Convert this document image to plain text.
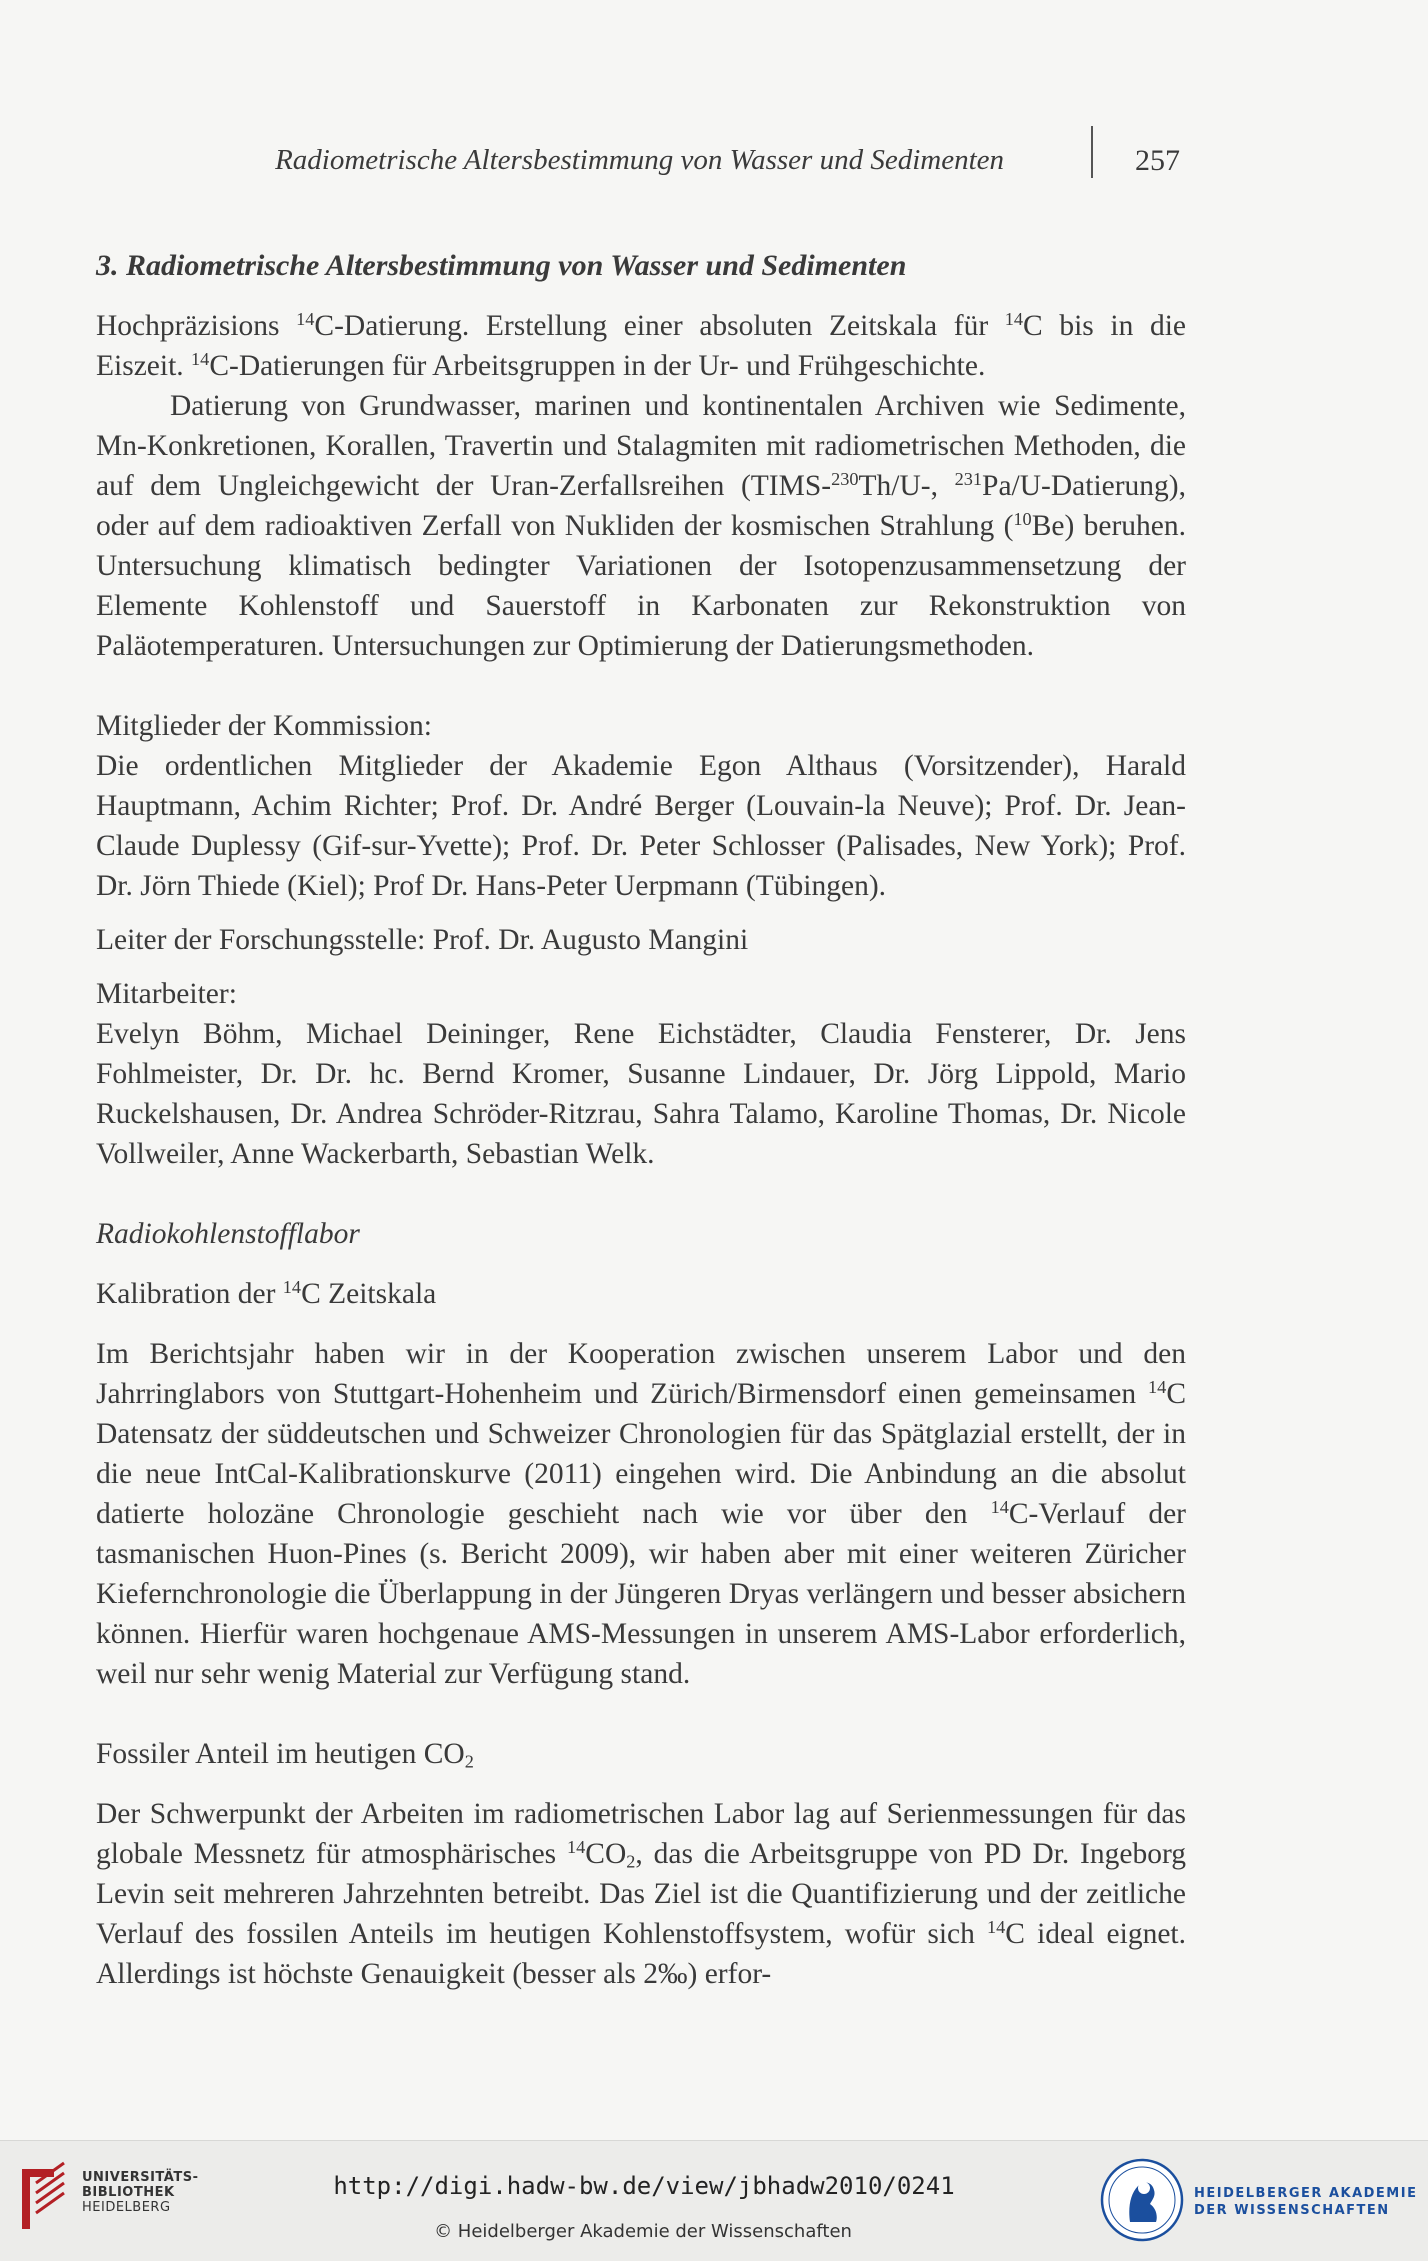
Radiometrische Altersbestimmung von Wasser und Sedimenten	257

3. Radiometrische Altersbestimmung von Wasser und Sedimenten

Hochpräzisions $^{14}$C-Datierung. Erstellung einer absoluten Zeitskala für $^{14}$C bis in die Eiszeit. $^{14}$C-Datierungen für Arbeitsgruppen in der Ur- und Frühgeschichte.

Datierung von Grundwasser, marinen und kontinentalen Archiven wie Sedimente, Mn-Konkretionen, Korallen, Travertin und Stalagmiten mit radiometrischen Methoden, die auf dem Ungleichgewicht der Uran-Zerfallsreihen (TIMS-$^{230}$Th/U-, $^{231}$Pa/U-Datierung), oder auf dem radioaktiven Zerfall von Nukliden der kosmischen Strahlung ($^{10}$Be) beruhen. Untersuchung klimatisch bedingter Variationen der Isotopenzusammensetzung der Elemente Kohlenstoff und Sauerstoff in Karbonaten zur Rekonstruktion von Paläotemperaturen. Untersuchungen zur Optimierung der Datierungsmethoden.

Mitglieder der Kommission:

Die ordentlichen Mitglieder der Akademie Egon Althaus (Vorsitzender), Harald Hauptmann, Achim Richter; Prof. Dr. André Berger (Louvain-la Neuve); Prof. Dr. Jean-Claude Duplessy (Gif-sur-Yvette); Prof. Dr. Peter Schlosser (Palisades, New York); Prof. Dr. Jörn Thiede (Kiel); Prof Dr. Hans-Peter Uerpmann (Tübingen).

Leiter der Forschungsstelle: Prof. Dr. Augusto Mangini

Mitarbeiter:

Evelyn Böhm, Michael Deininger, Rene Eichstädter, Claudia Fensterer, Dr. Jens Fohlmeister, Dr. Dr. hc. Bernd Kromer, Susanne Lindauer, Dr. Jörg Lippold, Mario Ruckelshausen, Dr. Andrea Schröder-Ritzrau, Sahra Talamo, Karoline Thomas, Dr. Nicole Vollweiler, Anne Wackerbarth, Sebastian Welk.

Radiokohlenstofflabor

Kalibration der $^{14}$C Zeitskala

Im Berichtsjahr haben wir in der Kooperation zwischen unserem Labor und den Jahrringlabors von Stuttgart-Hohenheim und Zürich/Birmensdorf einen gemeinsamen $^{14}$C Datensatz der süddeutschen und Schweizer Chronologien für das Spätglazial erstellt, der in die neue IntCal-Kalibrationskurve (2011) eingehen wird. Die Anbindung an die absolut datierte holozäne Chronologie geschieht nach wie vor über den $^{14}$C-Verlauf der tasmanischen Huon-Pines (s. Bericht 2009), wir haben aber mit einer weiteren Züricher Kiefernchronologie die Überlappung in der Jüngeren Dryas verlängern und besser absichern können. Hierfür waren hochgenaue AMS-Messungen in unserem AMS-Labor erforderlich, weil nur sehr wenig Material zur Verfügung stand.

Fossiler Anteil im heutigen $CO_2$

Der Schwerpunkt der Arbeiten im radiometrischen Labor lag auf Serienmessungen für das globale Messnetz für atmosphärisches $^{14}CO_2$, das die Arbeitsgruppe von PD Dr. Ingeborg Levin seit mehreren Jahrzehnten betreibt. Das Ziel ist die Quantifizierung und der zeitliche Verlauf des fossilen Anteils im heutigen Kohlenstoffsystem, wofür sich $^{14}$C ideal eignet. Allerdings ist höchste Genauigkeit (besser als 2‰) erfor-

UNIVERSITÄTS-
BIBLIOTHEK
HEIDELBERG
http://digi.hadw-bw.de/view/jbhadw2010/0241
© Heidelberger Akademie der Wissenschaften
HEIDELBERGER AKADEMIE
DER WISSENSCHAFTEN
